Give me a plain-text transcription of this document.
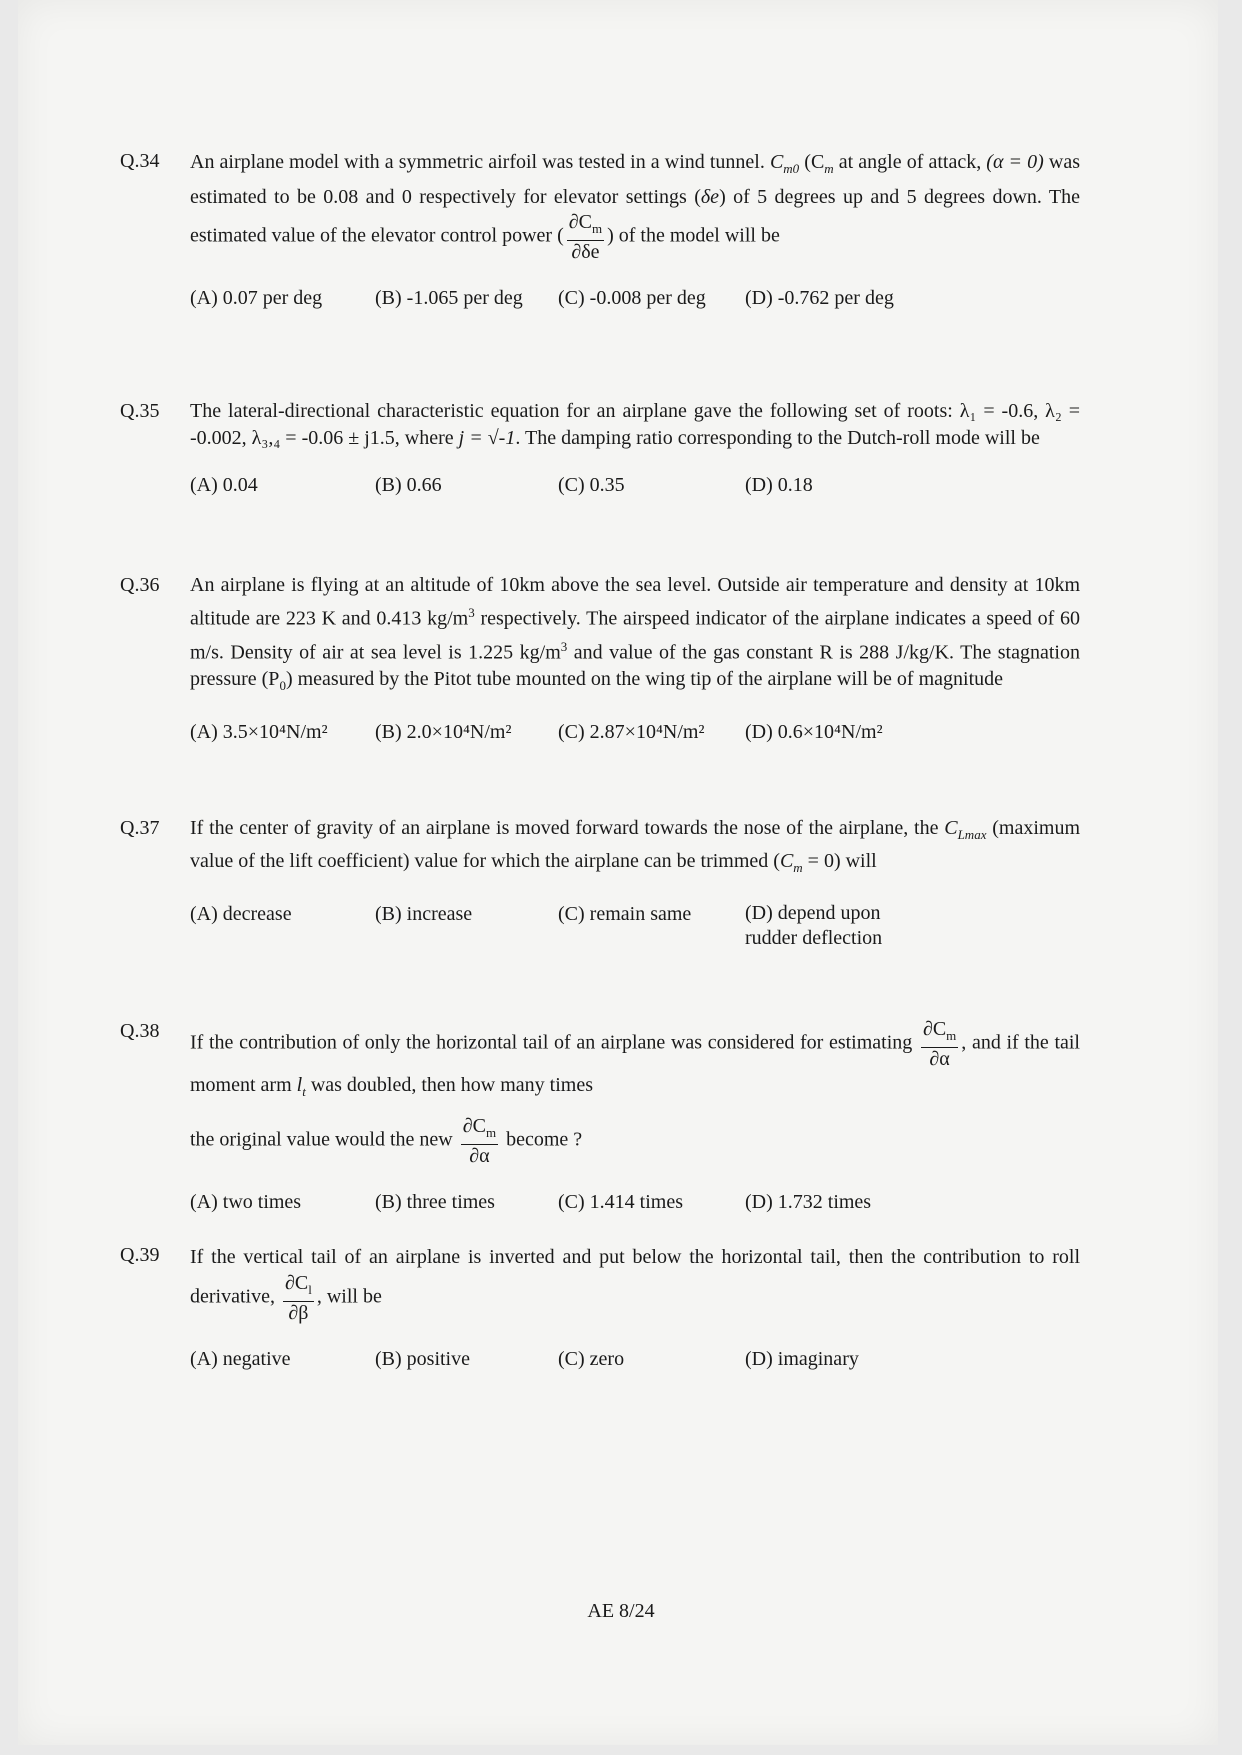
Q.34	An airplane model with a symmetric airfoil was tested in a wind tunnel. $C_{m0}$ ($C_m$ at angle of attack, (α = 0) was estimated to be 0.08 and 0 respectively for elevator settings (δe) of 5 degrees up and 5 degrees down. The estimated value of the elevator control power ( $\frac{\partial C_m}{\partial\delta e}$ ) of the model will be
(A) 0.07 per deg	(B) -1.065 per deg (C) -0.008 per deg (D) -0.762 per deg
Q.35	The lateral-directional characteristic equation for an airplane gave the following set of roots: λ₁ = -0.6, λ₂ = -0.002, λ₃,₄ = -0.06 ± j1.5, where j = √-1. The damping ratio corresponding to the Dutch-roll mode will be
(A) 0.04	(B) 0.66	(C) 0.35	(D) 0.18
Q.36	An airplane is flying at an altitude of 10km above the sea level. Outside air temperature and density at 10km altitude are 223 K and 0.413 $kg/m^3$ respectively. The airspeed indicator of the airplane indicates a speed of 60 m/s. Density of air at sea level is 1.225 $kg/m^3$ and value of the gas constant R is 288 J/kg/K. The stagnation pressure $(P_0)$ measured by the Pitot tube mounted on the wing tip of the airplane will be of magnitude
(A) 3.5×10⁴N/m² (B) 2.0×10⁴N/m² (C) 2.87×10⁴N/m² (D) 0.6×10⁴N/m²
Q.37	If the center of gravity of an airplane is moved forward towards the nose of the airplane, the $C_{Lmax}$ (maximum value of the lift coefficient) value for which the airplane can be trimmed $(C_m = 0)$ will
(A) decrease	(B) increase	(C) remain same	(D) depend upon rudder deflection
Q.38
If the contribution of only the horizontal tail of an airplane was considered for estimating $\frac{\partial C_m}{\partial\alpha}$ , and if the tail moment arm $l_t$ was doubled, then how many times
the original value would the new $\frac{\partial C_m}{\partial\alpha}$ become ?
(A) two times	(B) three times	(C) 1.414 times	(D) 1.732 times
Q.39	If the vertical tail of an airplane is inverted and put below the horizontal tail, then the contribution to roll derivative, $\frac{\partial C_l}{\partial\beta}$ , will be
(A) negative	(B) positive	(C) zero	(D) imaginary
AE 8/24
